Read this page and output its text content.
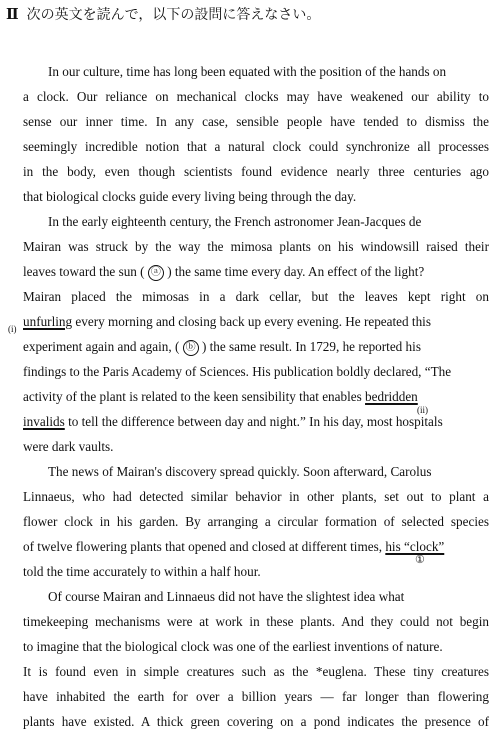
Ⅱ 次の英文を読んで，以下の設問に答えなさい。
In our culture, time has long been equated with the position of the hands on
a clock. Our reliance on mechanical clocks may have weakened our ability to
sense our inner time. In any case, sensible people have tended to dismiss the
seemingly incredible notion that a natural clock could synchronize all processes
in the body, even though scientists found evidence nearly three centuries ago
that biological clocks guide every living being through the day.
In the early eighteenth century, the French astronomer Jean-Jacques de
Mairan was struck by the way the mimosa plants on his windowsill raised their
leaves toward the sun ( ⓐ ) the same time every day. An effect of the light?
Mairan placed the mimosas in a dark cellar, but the leaves kept right on
(i) unfurling every morning and closing back up every evening. He repeated this
experiment again and again, ( ⓑ ) the same result. In 1729, he reported his
findings to the Paris Academy of Sciences. His publication boldly declared, “The
activity of the plant is related to the keen sensibility that enables bedridden
(ii)
invalids to tell the difference between day and night.” In his day, most hospitals
were dark vaults.
The news of Mairan's discovery spread quickly. Soon afterward, Carolus
Linnaeus, who had detected similar behavior in other plants, set out to plant a
flower clock in his garden. By arranging a circular formation of selected species
of twelve flowering plants that opened and closed at different times, his “clock”
①
told the time accurately to within a half hour.
Of course Mairan and Linnaeus did not have the slightest idea what
timekeeping mechanisms were at work in these plants. And they could not begin
to imagine that the biological clock was one of the earliest inventions of nature.
It is found even in simple creatures such as the *euglena. These tiny creatures
have inhabited the earth for over a billion years — far longer than flowering
plants have existed. A thick green covering on a pond indicates the presence of
